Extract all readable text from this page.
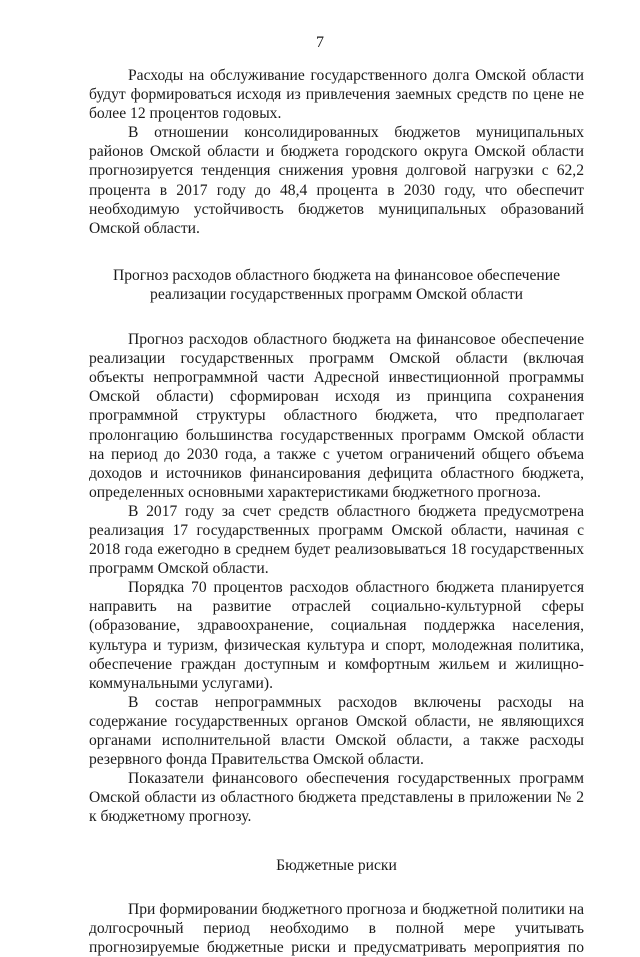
7

Расходы на обслуживание государственного долга Омской области будут формироваться исходя из привлечения заемных средств по цене не более 12 процентов годовых.

В отношении консолидированных бюджетов муниципальных районов Омской области и бюджета городского округа Омской области прогнозируется тенденция снижения уровня долговой нагрузки с 62,2 процента в 2017 году до 48,4 процента в 2030 году, что обеспечит необходимую устойчивость бюджетов муниципальных образований Омской области.

Прогноз расходов областного бюджета на финансовое обеспечение
реализации государственных программ Омской области

Прогноз расходов областного бюджета на финансовое обеспечение реализации государственных программ Омской области (включая объекты непрограммной части Адресной инвестиционной программы Омской области) сформирован исходя из принципа сохранения программной структуры областного бюджета, что предполагает пролонгацию большинства государственных программ Омской области на период до 2030 года, а также с учетом ограничений общего объема доходов и источников финансирования дефицита областного бюджета, определенных основными характеристиками бюджетного прогноза.

В 2017 году за счет средств областного бюджета предусмотрена реализация 17 государственных программ Омской области, начиная с 2018 года ежегодно в среднем будет реализовываться 18 государственных программ Омской области.

Порядка 70 процентов расходов областного бюджета планируется направить на развитие отраслей социально-культурной сферы (образование, здравоохранение, социальная поддержка населения, культура и туризм, физическая культура и спорт, молодежная политика, обеспечение граждан доступным и комфортным жильем и жилищно-коммунальными услугами).

В состав непрограммных расходов включены расходы на содержание государственных органов Омской области, не являющихся органами исполнительной власти Омской области, а также расходы резервного фонда Правительства Омской области.

Показатели финансового обеспечения государственных программ Омской области из областного бюджета представлены в приложении № 2 к бюджетному прогнозу.

Бюджетные риски

При формировании бюджетного прогноза и бюджетной политики на долгосрочный период необходимо в полной мере учитывать прогнозируемые бюджетные риски и предусматривать мероприятия по
